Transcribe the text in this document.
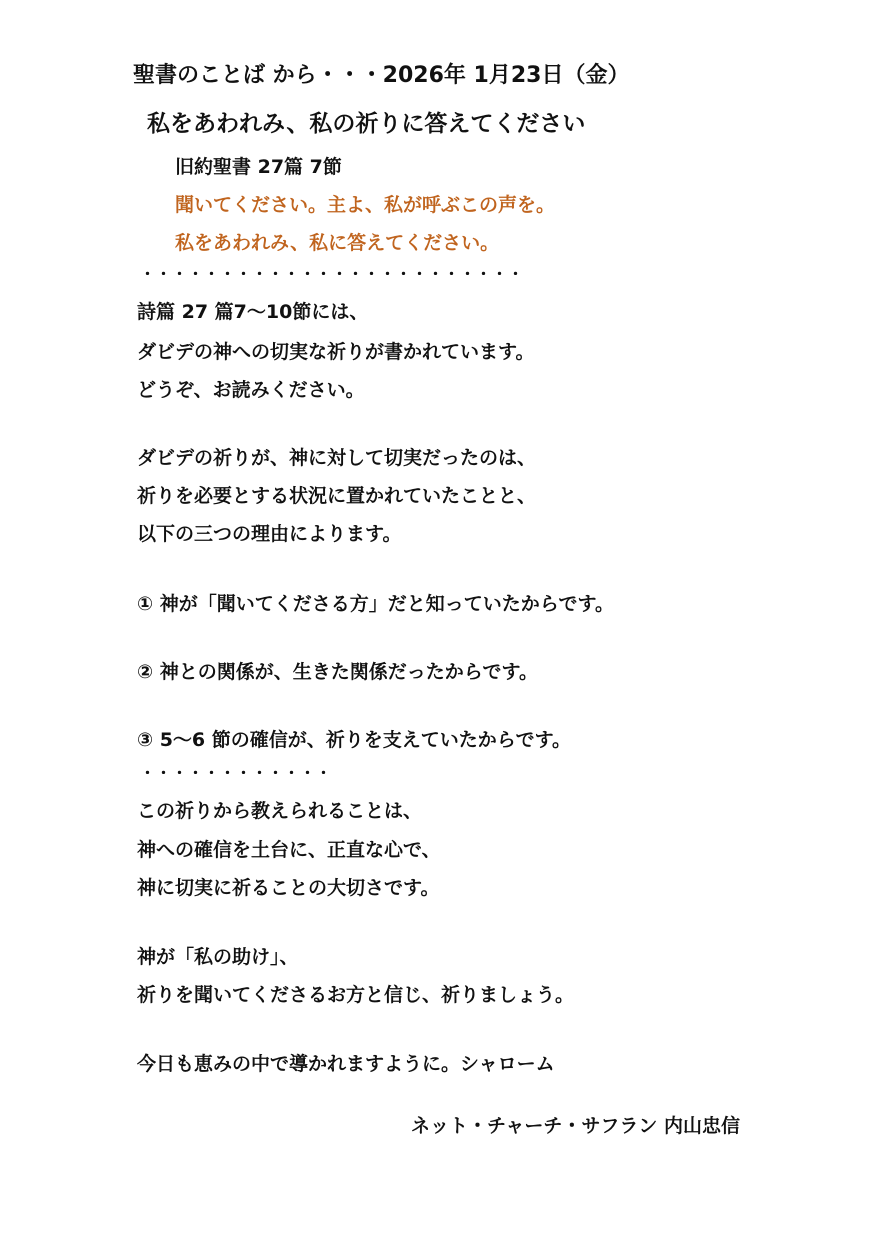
聖書のことば から・・・2026年 1月23日（金）
私をあわれみ、私の祈りに答えてください
旧約聖書 27篇 7節
聞いてください。主よ、私が呼ぶこの声を。
私をあわれみ、私に答えてください。
・・・・・・・・・・・・・・・・・・・・・・・・
詩篇 27 篇7～10節には、
ダビデの神への切実な祈りが書かれています。
どうぞ、お読みください。
ダビデの祈りが、神に対して切実だったのは、
祈りを必要とする状況に置かれていたことと、
以下の三つの理由によります。
① 神が「聞いてくださる方」だと知っていたからです。
② 神との関係が、生きた関係だったからです。
③ 5～6 節の確信が、祈りを支えていたからです。
・・・・・・・・・・・・
この祈りから教えられることは、
神への確信を土台に、正直な心で、
神に切実に祈ることの大切さです。
神が「私の助け」、
祈りを聞いてくださるお方と信じ、祈りましょう。
今日も恵みの中で導かれますように。シャローム
ネット・チャーチ・サフラン 内山忠信
